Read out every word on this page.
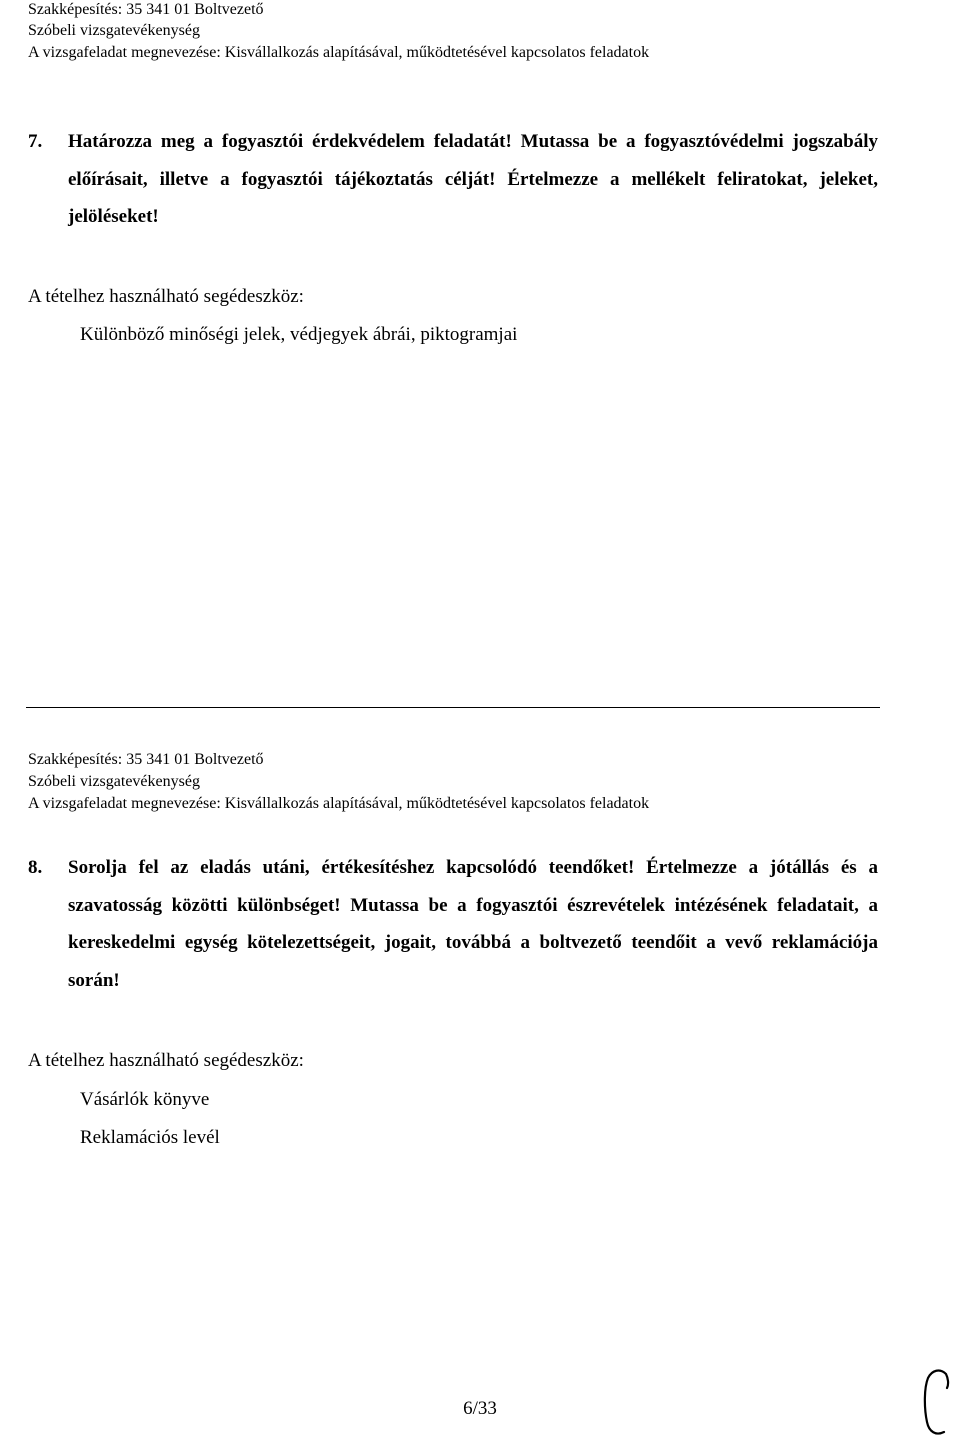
Szakképesítés: 35 341 01 Boltvezető
Szóbeli vizsgatevékenység
A vizsgafeladat megnevezése: Kisvállalkozás alapításával, működtetésével kapcsolatos feladatok
7. Határozza meg a fogyasztói érdekvédelem feladatát! Mutassa be a fogyasztóvédelmi jogszabály előírásait, illetve a fogyasztói tájékoztatás célját! Értelmezze a mellékelt feliratokat, jeleket, jelöléseket!
A tételhez használható segédeszköz:
Különböző minőségi jelek, védjegyek ábrái, piktogramjai
Szakképesítés: 35 341 01 Boltvezető
Szóbeli vizsgatevékenység
A vizsgafeladat megnevezése: Kisvállalkozás alapításával, működtetésével kapcsolatos feladatok
8. Sorolja fel az eladás utáni, értékesítéshez kapcsolódó teendőket! Értelmezze a jótállás és a szavatosság közötti különbséget! Mutassa be a fogyasztói észrevételek intézésének feladatait, a kereskedelmi egység kötelezettségeit, jogait, továbbá a boltvezető teendőit a vevő reklamációja során!
A tételhez használható segédeszköz:
Vásárlók könyve
Reklamációs levél
6/33
